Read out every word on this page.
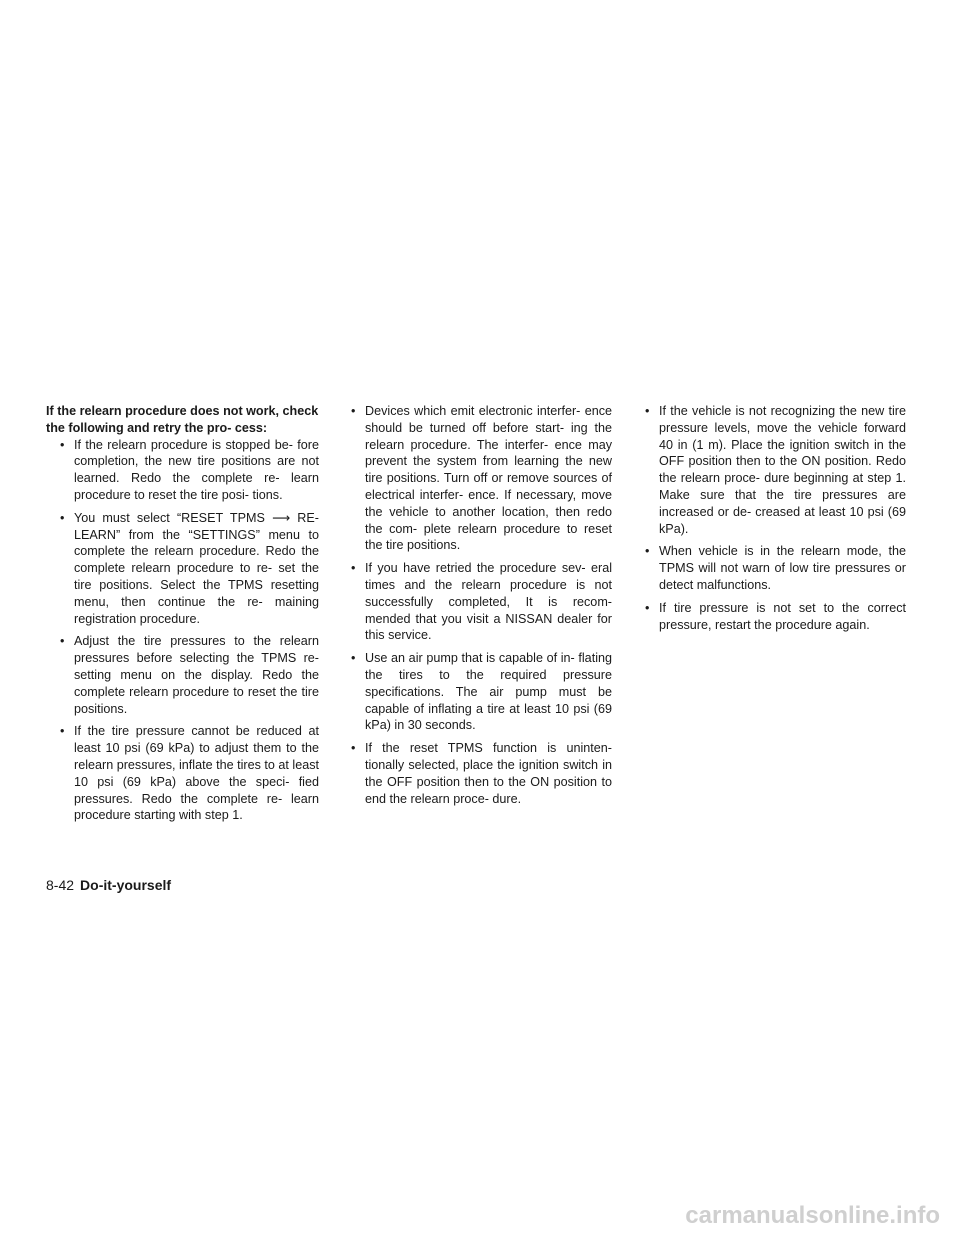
If the relearn procedure does not work, check the following and retry the pro- cess:

• If the relearn procedure is stopped be- fore completion, the new tire positions are not learned. Redo the complete re- learn procedure to reset the tire posi- tions.
• You must select “RESET TPMS ⟶ RE- LEARN” from the “SETTINGS” menu to complete the relearn procedure. Redo the complete relearn procedure to re- set the tire positions. Select the TPMS resetting menu, then continue the re- maining registration procedure.
• Adjust the tire pressures to the relearn pressures before selecting the TPMS re- setting menu on the display. Redo the complete relearn procedure to reset the tire positions.
• If the tire pressure cannot be reduced at least 10 psi (69 kPa) to adjust them to the relearn pressures, inflate the tires to at least 10 psi (69 kPa) above the speci- fied pressures. Redo the complete re- learn procedure starting with step 1.
• Devices which emit electronic interfer- ence should be turned off before start- ing the relearn procedure. The interfer- ence may prevent the system from learning the new tire positions. Turn off or remove sources of electrical interfer- ence. If necessary, move the vehicle to another location, then redo the com- plete relearn procedure to reset the tire positions.
• If you have retried the procedure sev- eral times and the relearn procedure is not successfully completed, It is recom- mended that you visit a NISSAN dealer for this service.
• Use an air pump that is capable of in- flating the tires to the required pressure specifications. The air pump must be capable of inflating a tire at least 10 psi (69 kPa) in 30 seconds.
• If the reset TPMS function is uninten- tionally selected, place the ignition switch in the OFF position then to the ON position to end the relearn proce- dure.
• If the vehicle is not recognizing the new tire pressure levels, move the vehicle forward 40 in (1 m). Place the ignition switch in the OFF position then to the ON position. Redo the relearn proce- dure beginning at step 1. Make sure that the tire pressures are increased or de- creased at least 10 psi (69 kPa).
• When vehicle is in the relearn mode, the TPMS will not warn of low tire pressures or detect malfunctions.
• If tire pressure is not set to the correct pressure, restart the procedure again.
8-42 Do-it-yourself
carmanualsonline.info
